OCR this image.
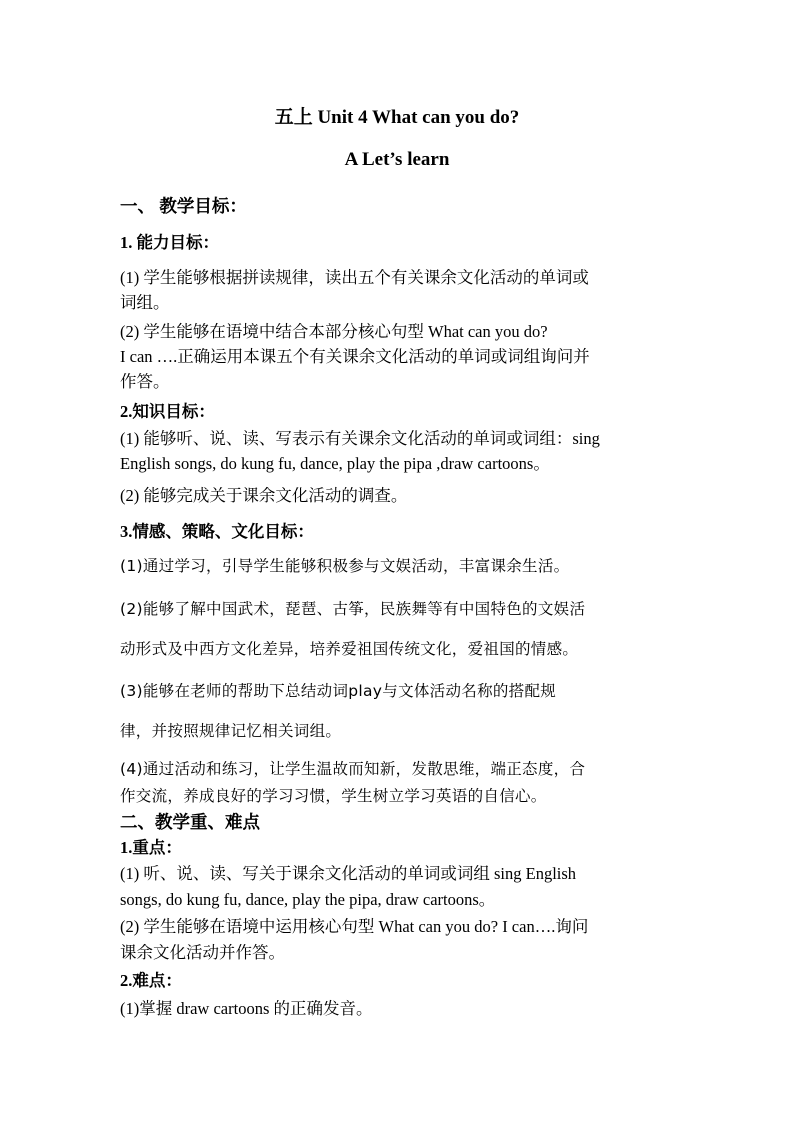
五上 Unit 4 What can you do?
A Let’s learn
一、 教学目标：
1. 能力目标：
(1) 学生能够根据拼读规律，读出五个有关课余文化活动的单词或
词组。
(2) 学生能够在语境中结合本部分核心句型 What can you do?
I can ….正确运用本课五个有关课余文化活动的单词或词组询问并
作答。
2.知识目标：
(1) 能够听、说、读、写表示有关课余文化活动的单词或词组：sing
English songs, do kung fu, dance, play the pipa ,draw cartoons。
(2) 能够完成关于课余文化活动的调查。
3.情感、策略、文化目标：
(1)通过学习，引导学生能够积极参与文娱活动，丰富课余生活。
(2)能够了解中国武术，琵琶、古筝，民族舞等有中国特色的文娱活
动形式及中西方文化差异，培养爱祖国传统文化，爱祖国的情感。
(3)能够在老师的帮助下总结动词play与文体活动名称的搭配规
律，并按照规律记忆相关词组。
(4)通过活动和练习，让学生温故而知新，发散思维，端正态度，合
作交流，养成良好的学习习惯，学生树立学习英语的自信心。
二、教学重、难点
1.重点：
(1) 听、说、读、写关于课余文化活动的单词或词组 sing English
songs, do kung fu, dance, play the pipa, draw cartoons。
(2) 学生能够在语境中运用核心句型 What can you do? I can….询问
课余文化活动并作答。
2.难点：
(1)掌握 draw cartoons 的正确发音。
